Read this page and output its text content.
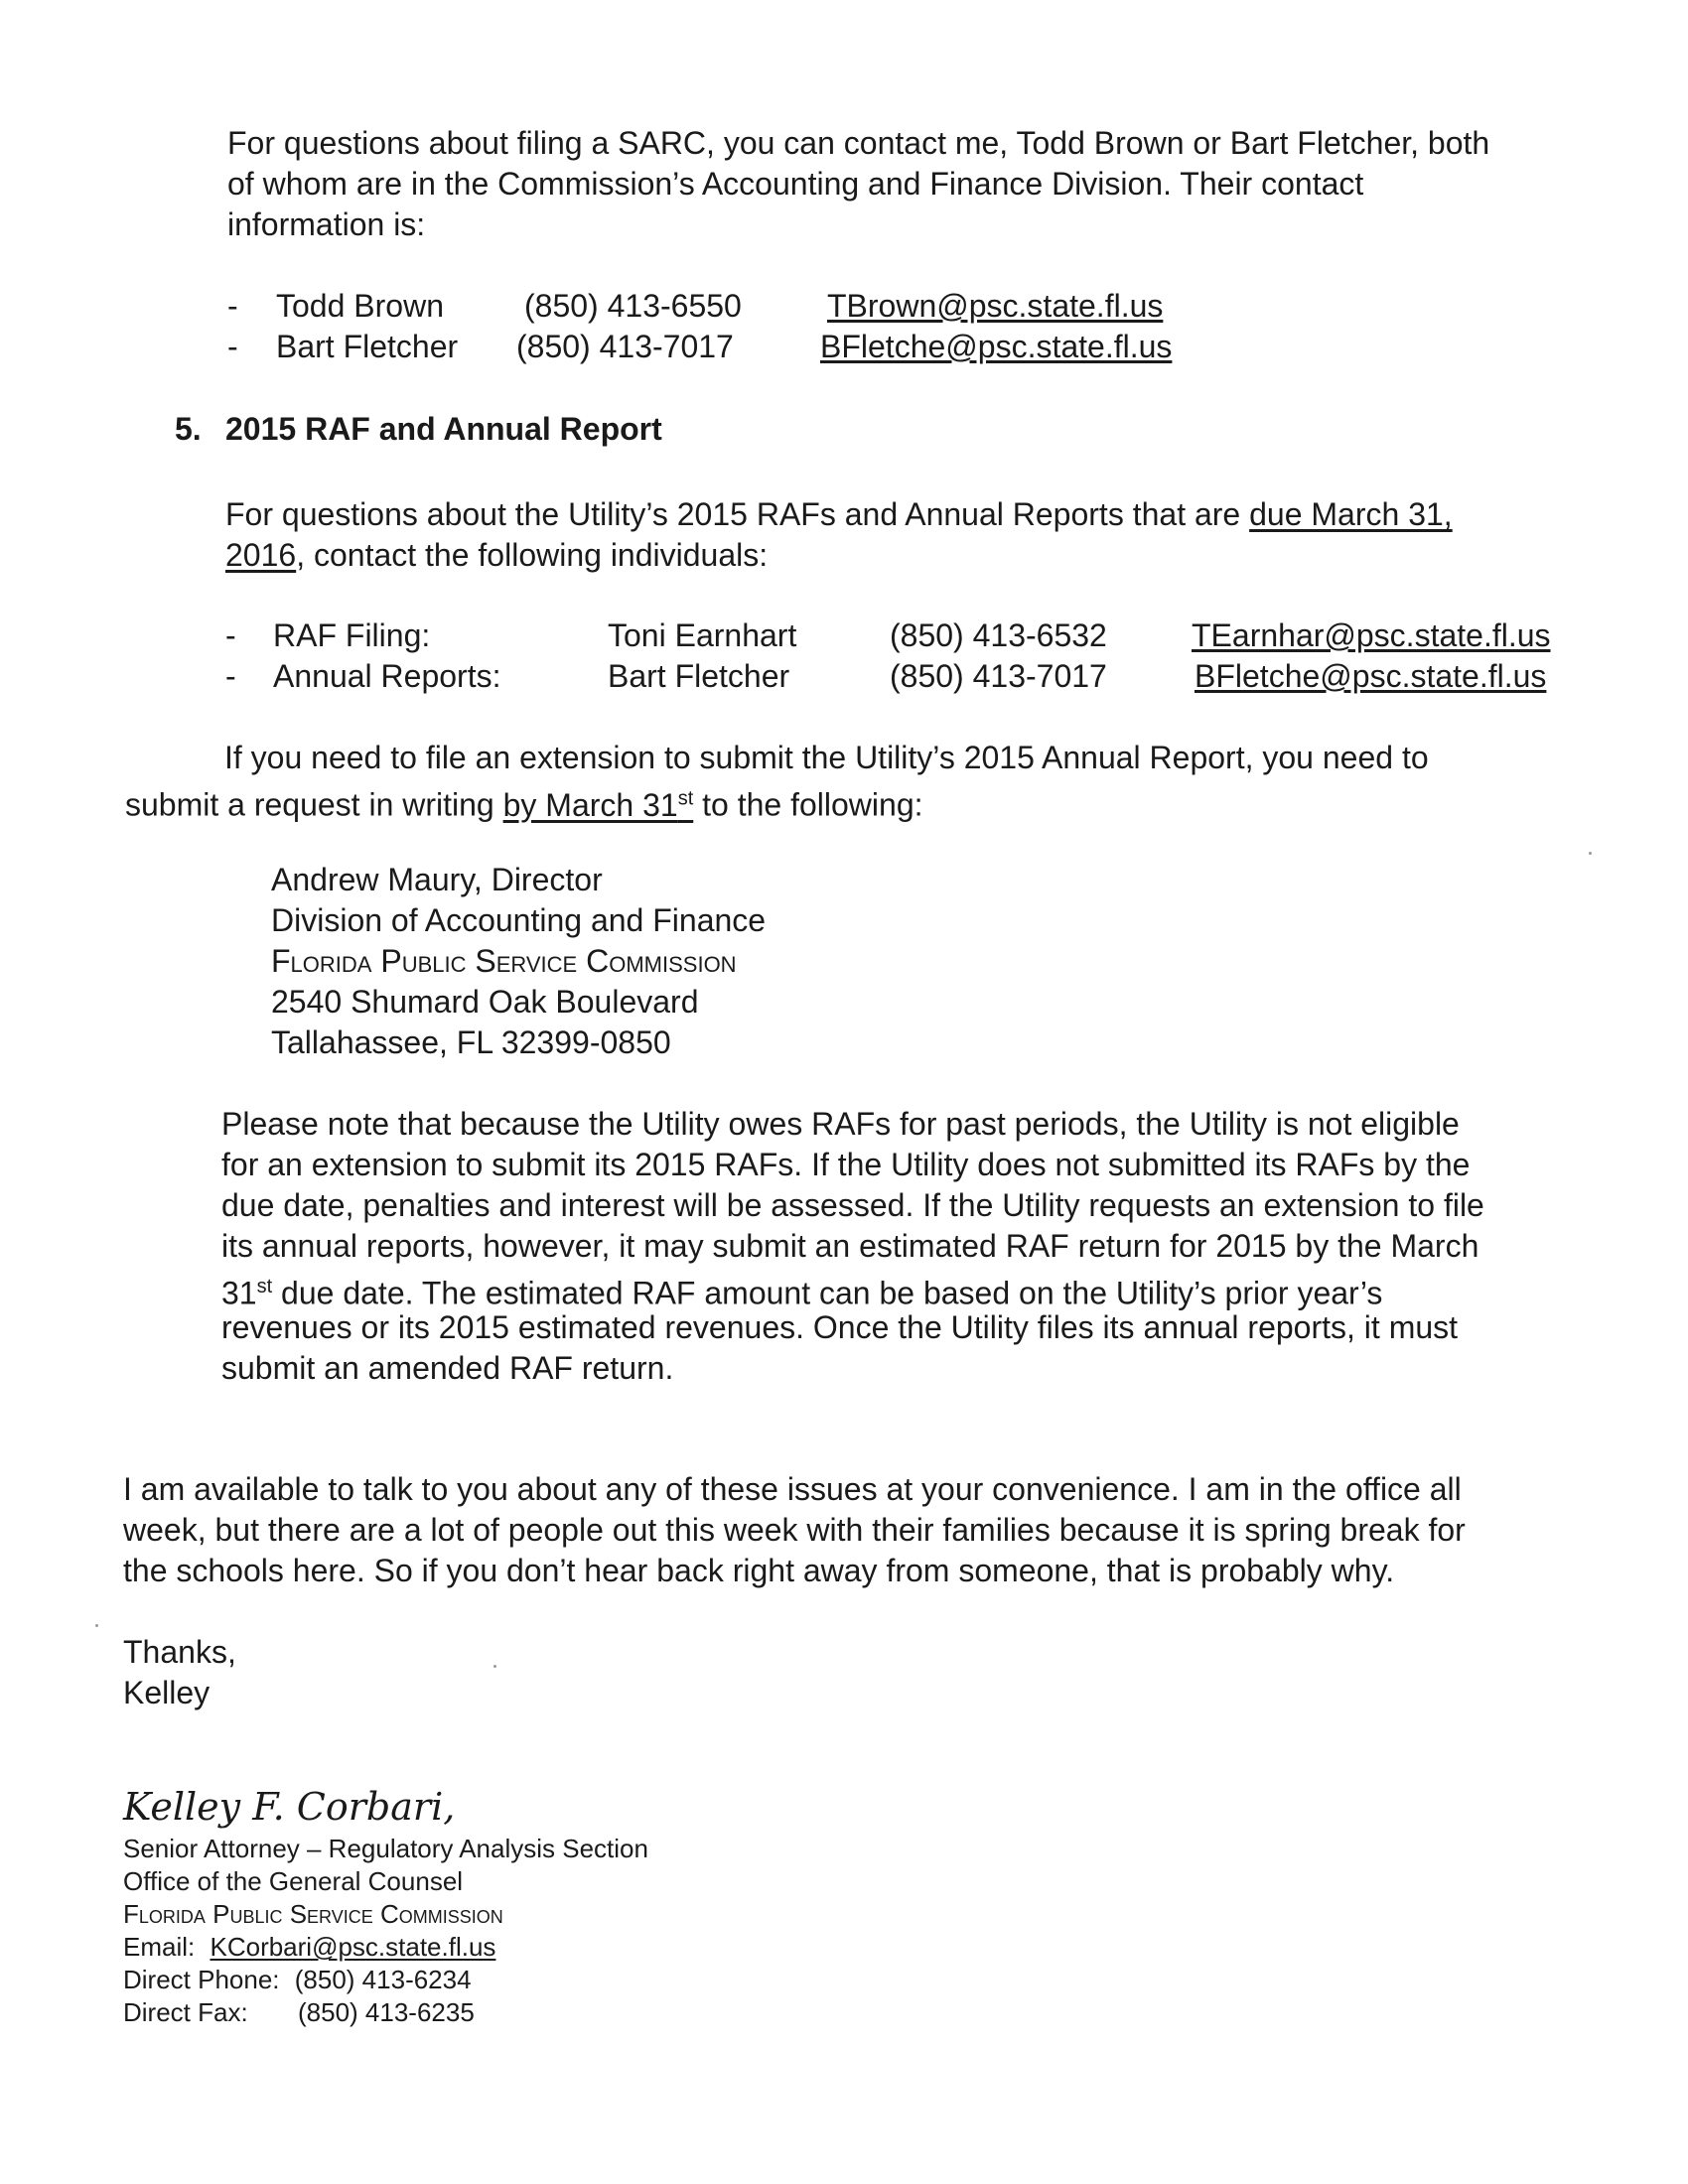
For questions about filing a SARC, you can contact me, Todd Brown or Bart Fletcher, both
of whom are in the Commission’s Accounting and Finance Division. Their contact
information is:
- Todd Brown	(850) 413-6550	TBrown@psc.state.fl.us
- Bart Fletcher (850) 413-7017	BFletche@psc.state.fl.us
5. 2015 RAF and Annual Report
For questions about the Utility’s 2015 RAFs and Annual Reports that are due March 31,
2016, contact the following individuals:
- RAF Filing:	Toni Earnhart	(850) 413-6532	TEarnhar@psc.state.fl.us
- Annual Reports:	Bart Fletcher	(850) 413-7017	BFletche@psc.state.fl.us
If you need to file an extension to submit the Utility’s 2015 Annual Report, you need to
submit a request in writing by March 31st to the following:
Andrew Maury, Director
Division of Accounting and Finance
Florida Public Service Commission
2540 Shumard Oak Boulevard
Tallahassee, FL 32399-0850
Please note that because the Utility owes RAFs for past periods, the Utility is not eligible
for an extension to submit its 2015 RAFs. If the Utility does not submitted its RAFs by the
due date, penalties and interest will be assessed. If the Utility requests an extension to file
its annual reports, however, it may submit an estimated RAF return for 2015 by the March
31st due date. The estimated RAF amount can be based on the Utility’s prior year’s
revenues or its 2015 estimated revenues. Once the Utility files its annual reports, it must
submit an amended RAF return.
I am available to talk to you about any of these issues at your convenience. I am in the office all
week, but there are a lot of people out this week with their families because it is spring break for
the schools here. So if you don’t hear back right away from someone, that is probably why.
Thanks,
Kelley
Kelley F. Corbari,
Senior Attorney – Regulatory Analysis Section
Office of the General Counsel
Florida Public Service Commission
Email: KCorbari@psc.state.fl.us
Direct Phone: (850) 413-6234
Direct Fax: (850) 413-6235
